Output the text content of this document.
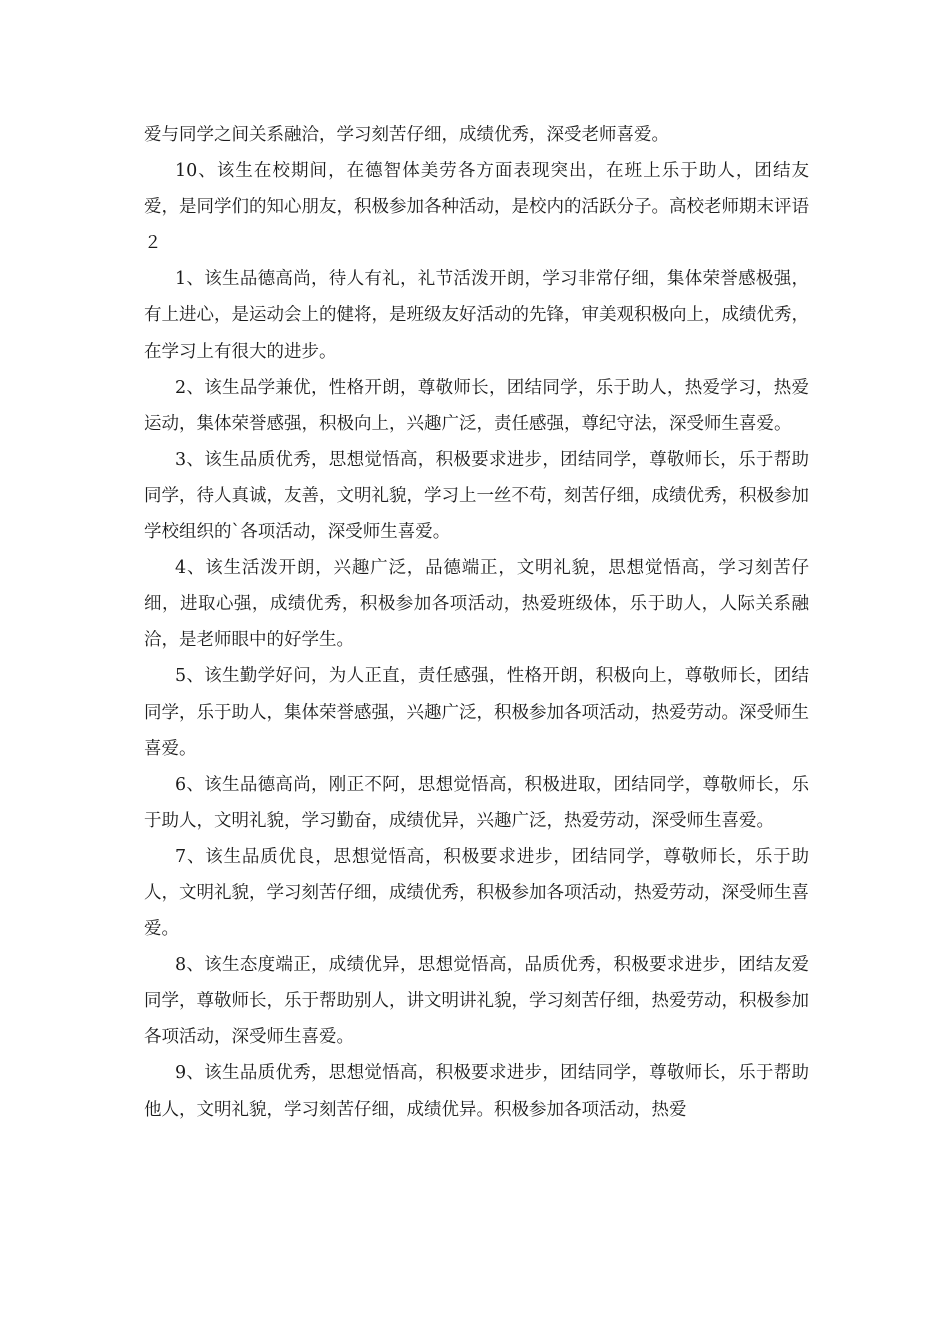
爱与同学之间关系融洽，学习刻苦仔细，成绩优秀，深受老师喜爱。

10、该生在校期间，在德智体美劳各方面表现突出，在班上乐于助人，团结友爱，是同学们的知心朋友，积极参加各种活动，是校内的活跃分子。高校老师期末评语２

1、该生品德高尚，待人有礼，礼节活泼开朗，学习非常仔细，集体荣誉感极强，有上进心，是运动会上的健将，是班级友好活动的先锋，审美观积极向上，成绩优秀，在学习上有很大的进步。

2、该生品学兼优，性格开朗，尊敬师长，团结同学，乐于助人，热爱学习，热爱运动，集体荣誉感强，积极向上，兴趣广泛，责任感强，尊纪守法，深受师生喜爱。

3、该生品质优秀，思想觉悟高，积极要求进步，团结同学，尊敬师长，乐于帮助同学，待人真诚，友善，文明礼貌，学习上一丝不苟，刻苦仔细，成绩优秀，积极参加学校组织的`各项活动，深受师生喜爱。

4、该生活泼开朗，兴趣广泛，品德端正，文明礼貌，思想觉悟高，学习刻苦仔细，进取心强，成绩优秀，积极参加各项活动，热爱班级体，乐于助人，人际关系融洽，是老师眼中的好学生。

5、该生勤学好问，为人正直，责任感强，性格开朗，积极向上，尊敬师长，团结同学，乐于助人，集体荣誉感强，兴趣广泛，积极参加各项活动，热爱劳动。深受师生喜爱。

6、该生品德高尚，刚正不阿，思想觉悟高，积极进取，团结同学，尊敬师长，乐于助人，文明礼貌，学习勤奋，成绩优异，兴趣广泛，热爱劳动，深受师生喜爱。

7、该生品质优良，思想觉悟高，积极要求进步，团结同学，尊敬师长，乐于助人，文明礼貌，学习刻苦仔细，成绩优秀，积极参加各项活动，热爱劳动，深受师生喜爱。

8、该生态度端正，成绩优异，思想觉悟高，品质优秀，积极要求进步，团结友爱同学，尊敬师长，乐于帮助别人，讲文明讲礼貌，学习刻苦仔细，热爱劳动，积极参加各项活动，深受师生喜爱。

9、该生品质优秀，思想觉悟高，积极要求进步，团结同学，尊敬师长，乐于帮助他人，文明礼貌，学习刻苦仔细，成绩优异。积极参加各项活动，热爱
